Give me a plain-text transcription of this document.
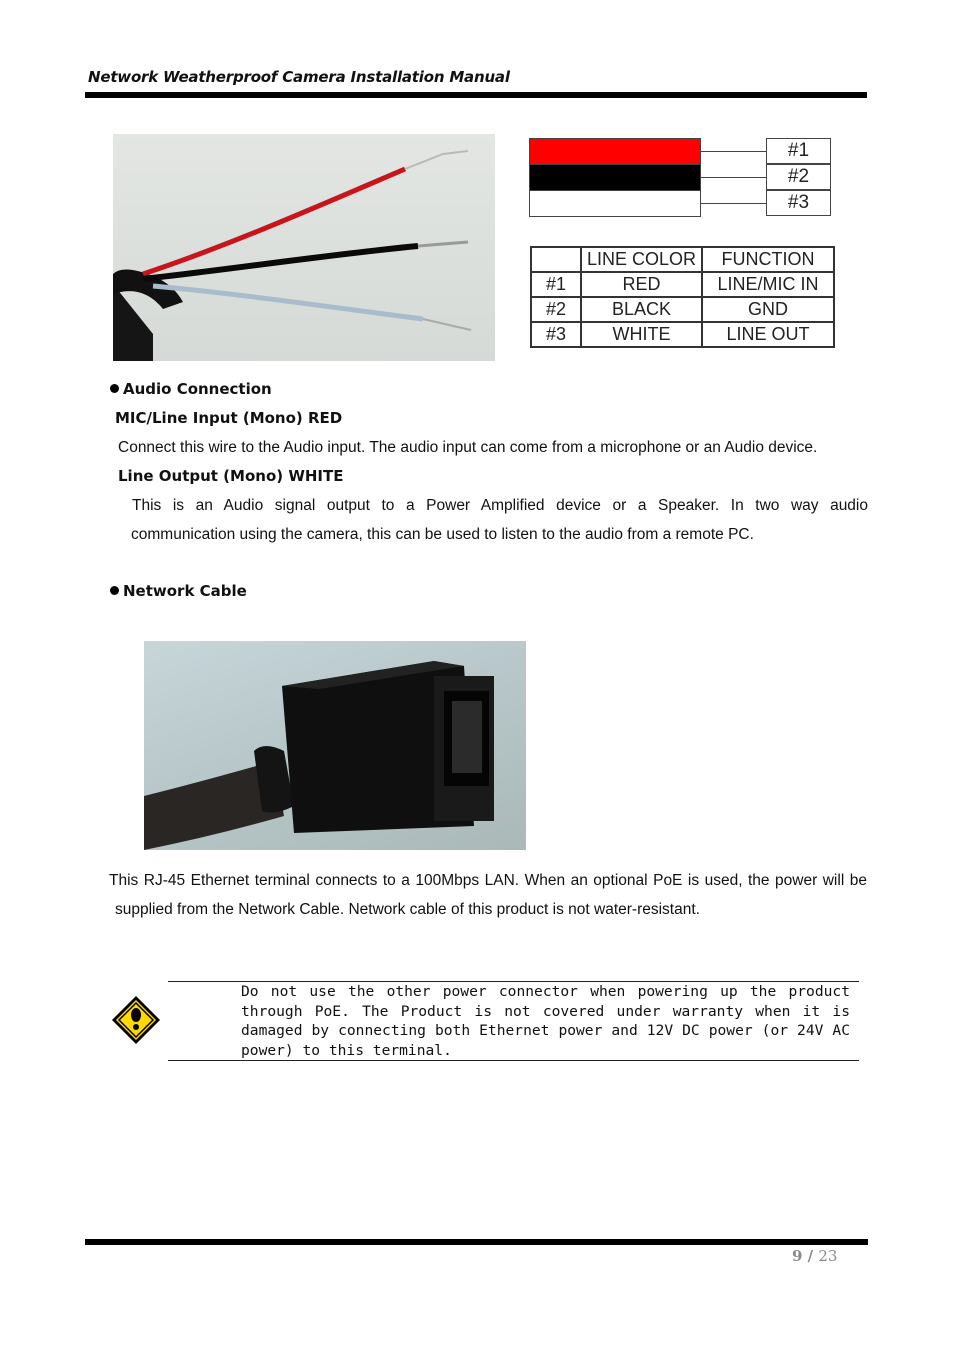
Network Weatherproof Camera Installation Manual
#1
#2
#3
	LINE COLOR	FUNCTION
#1	RED	LINE/MIC IN
#2	BLACK	GND
#3	WHITE	LINE OUT
Audio Connection
MIC/Line Input (Mono) RED
Connect this wire to the Audio input. The audio input can come from a microphone or an Audio device.
Line Output (Mono) WHITE
This is an Audio signal output to a Power Amplified device or a Speaker. In two way audio
communication using the camera, this can be used to listen to the audio from a remote PC.
Network Cable
This RJ-45 Ethernet terminal connects to a 100Mbps LAN. When an optional PoE is used, the power will be
supplied from the Network Cable. Network cable of this product is not water-resistant.
Do not use the other power connector when powering up the product through PoE. The Product is not covered under warranty when it is damaged by connecting both Ethernet power and 12V DC power (or 24V AC power) to this terminal.
9 / 23
